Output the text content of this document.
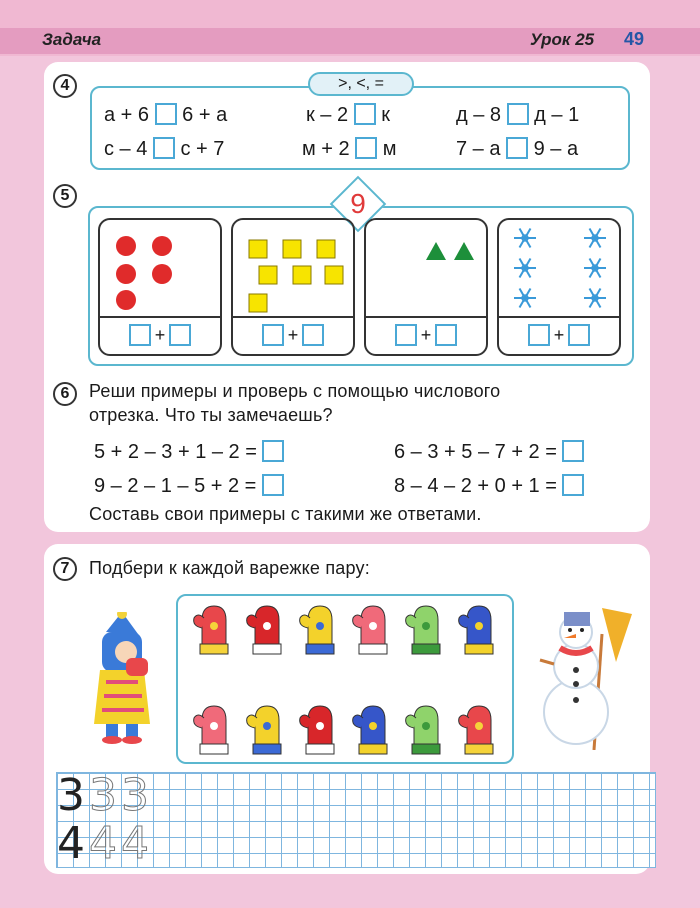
Задача	Урок 25 49
4	>, <, =
а + 6 6 + а	к – 2 к	д – 8 д – 1
с – 4 с + 7	м + 2 м	7 – а 9 – а
5	9
+	+	+	+
6	Реши примеры и проверь с помощью числового
отрезка. Что ты замечаешь?
5 + 2 – 3 + 1 – 2 =	6 – 3 + 5 – 7 + 2 =
9 – 2 – 1 – 5 + 2 =	8 – 4 – 2 + 0 + 1 =
Составь свои примеры с такими же ответами.
7	Подбери к каждой варежке пару:
3 3 3
4 4 4
